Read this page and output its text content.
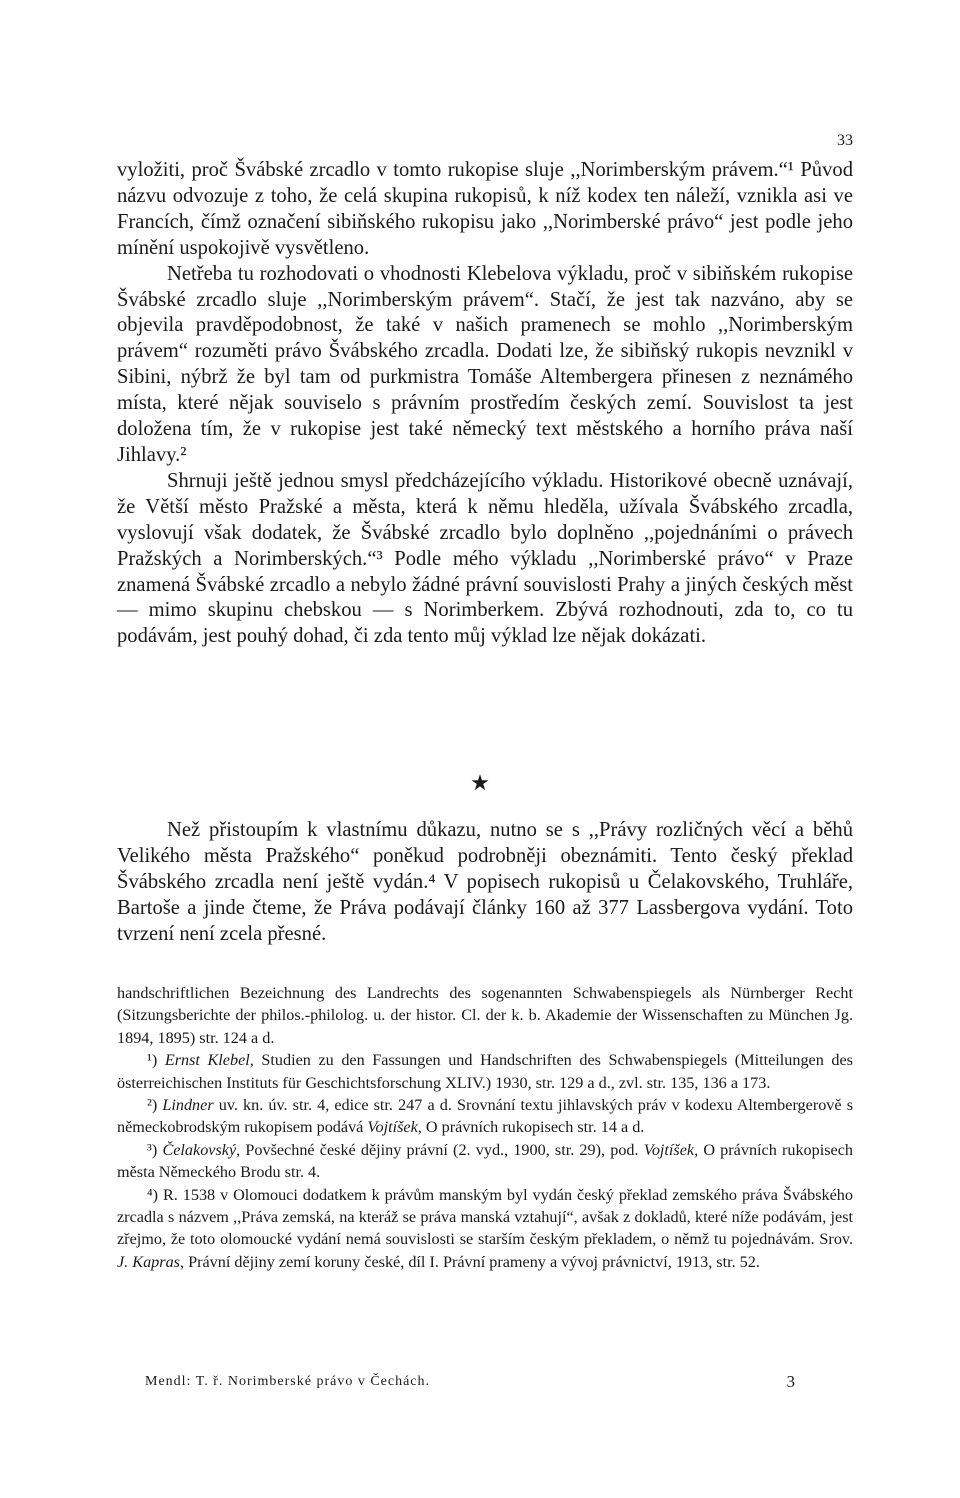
33

vyložiti, proč Švábské zrcadlo v tomto rukopise sluje ,,Norimberským právem.“¹ Původ názvu odvozuje z toho, že celá skupina rukopisů, k níž kodex ten náleží, vznikla asi ve Francích, čímž označení sibiňského rukopisu jako ,,Norimberské právo“ jest podle jeho mínění uspokojivě vysvětleno.

Netřeba tu rozhodovati o vhodnosti Klebelova výkladu, proč v sibiňském rukopise Švábské zrcadlo sluje ,,Norimberským právem“. Stačí, že jest tak nazváno, aby se objevila pravděpodobnost, že také v našich pramenech se mohlo ,,Norimberským právem“ rozuměti právo Švábského zrcadla. Dodati lze, že sibiňský rukopis nevznikl v Sibini, nýbrž že byl tam od purkmistra Tomáše Altembergera přinesen z neznámého místa, které nějak souviselo s právním prostředím českých zemí. Souvislost ta jest doložena tím, že v rukopise jest také německý text městského a horního práva naší Jihlavy.²

Shrnuji ještě jednou smysl předcházejícího výkladu. Historikové obecně uznávají, že Větší město Pražské a města, která k němu hleděla, užívala Švábského zrcadla, vyslovují však dodatek, že Švábské zrcadlo bylo doplněno ,,pojednáními o právech Pražských a Norimberských.“³ Podle mého výkladu ,,Norimberské právo“ v Praze znamená Švábské zrcadlo a nebylo žádné právní souvislosti Prahy a jiných českých měst — mimo skupinu chebskou — s Norimberkem. Zbývá rozhodnouti, zda to, co tu podávám, jest pouhý dohad, či zda tento můj výklad lze nějak dokázati.

★

Než přistoupím k vlastnímu důkazu, nutno se s ,,Právy rozličných věcí a běhů Velikého města Pražského“ poněkud podrobněji obeznámiti. Tento český překlad Švábského zrcadla není ještě vydán.⁴ V popisech rukopisů u Čelakovského, Truhláře, Bartoše a jinde čteme, že Práva podávají články 160 až 377 Lassbergova vydání. Toto tvrzení není zcela přesné.

handschriftlichen Bezeichnung des Landrechts des sogenannten Schwabenspiegels als Nürnberger Recht (Sitzungsberichte der philos.-philolog. u. der histor. Cl. der k. b. Akademie der Wissenschaften zu München Jg. 1894, 1895) str. 124 a d.

¹) Ernst Klebel, Studien zu den Fassungen und Handschriften des Schwabenspiegels (Mitteilungen des österreichischen Instituts für Geschichtsforschung XLIV.) 1930, str. 129 a d., zvl. str. 135, 136 a 173.

²) Lindner uv. kn. úv. str. 4, edice str. 247 a d. Srovnání textu jihlavských práv v kodexu Altembergerově s německobrodským rukopisem podává Vojtíšek, O právních rukopisech str. 14 a d.

³) Čelakovský, Povšechné české dějiny právní (2. vyd., 1900, str. 29), pod. Vojtíšek, O právních rukopisech města Německého Brodu str. 4.

⁴) R. 1538 v Olomouci dodatkem k právům manským byl vydán český překlad zemského práva Švábského zrcadla s názvem ,,Práva zemská, na kteráž se práva manská vztahují“, avšak z dokladů, které níže podávám, jest zřejmo, že toto olomoucké vydání nemá souvislosti se starším českým překladem, o němž tu pojednávám. Srov. J. Kapras, Právní dějiny zemí koruny české, díl I. Právní prameny a vývoj právnictví, 1913, str. 52.

Mendl: T. ř. Norimberské právo v Čechách.	3
